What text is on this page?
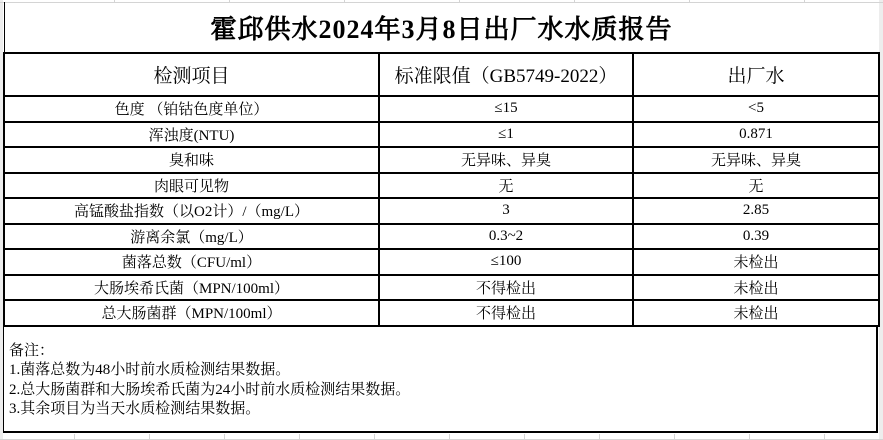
霍邱供水2024年3月8日出厂水水质报告
检测项目	标准限值（GB5749-2022）	出厂水
色度 （铂钴色度单位）	≤15	<5
浑浊度(NTU)	≤1	0.871
臭和味	无异味、异臭	无异味、异臭
肉眼可见物	无	无
高锰酸盐指数（以O2计）/（mg/L）	3	2.85
游离余氯（mg/L）	0.3~2	0.39
菌落总数（CFU/ml）	≤100	未检出
大肠埃希氏菌（MPN/100ml）	不得检出	未检出
总大肠菌群（MPN/100ml）	不得检出	未检出
备注：
1.菌落总数为48小时前水质检测结果数据。
2.总大肠菌群和大肠埃希氏菌为24小时前水质检测结果数据。
3.其余项目为当天水质检测结果数据。
